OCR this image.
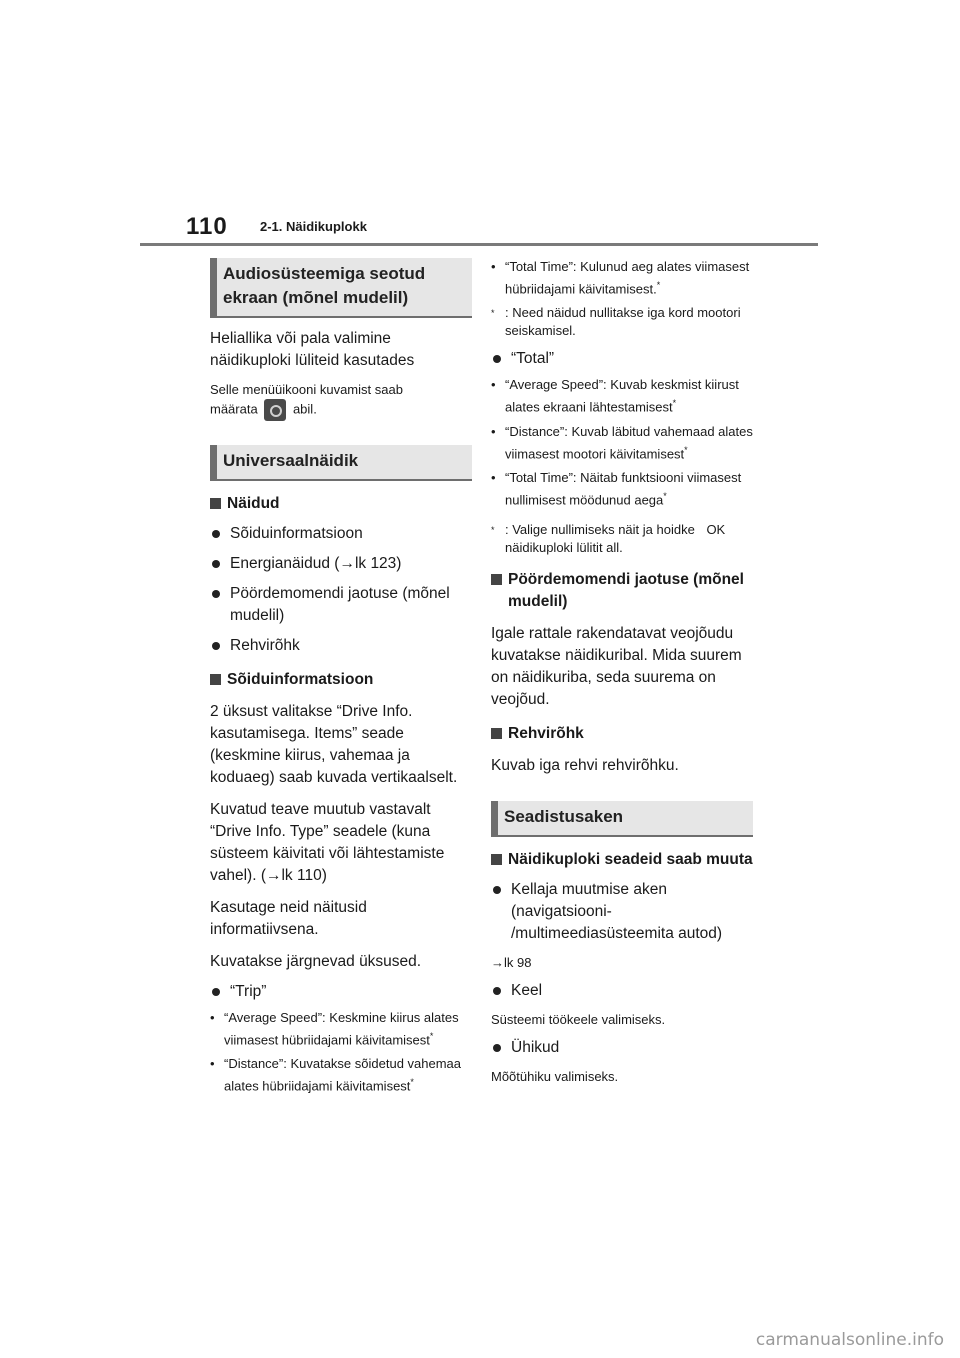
110 2-1. Näidikuplokk
Audiosüsteemiga seotud ekraan (mõnel mudelil)

Heliallika või pala valimine näidikuploki lüliteid kasutades

Selle menüüikooni kuvamist saab
määrata	abil.

Universaalnäidik
Näidud
Sõiduinformatsioon
Energianäidud (→lk 123)
Pöördemomendi jaotuse (mõnel mudelil)
Rehvirõhk
Sõiduinformatsioon

2 üksust valitakse “Drive Info. kasutamisega. Items” seade (keskmine kiirus, vahemaa ja koduaeg) saab kuvada vertikaalselt.

Kuvatud teave muutub vastavalt “Drive Info. Type” seadele (kuna süsteem käivitati või lähtestamiste vahel). (→lk 110)

Kasutage neid näitusid informatiivsena.

Kuvatakse järgnevad üksused.

“Trip”
• “Average Speed”: Keskmine kiirus alates viimasest hübriidajami käivitamisest*
• “Distance”: Kuvatakse sõidetud vahemaa alates hübriidajami käivitamisest*
• “Total Time”: Kulunud aeg alates viimasest hübriidajami käivitamisest.*
* : Need näidud nullitakse iga kord mootori seiskamisel.
“Total”
• “Average Speed”: Kuvab keskmist kiirust alates ekraani lähtestamisest*
• “Distance”: Kuvab läbitud vahemaad alates viimasest mootori käivitamisest*
• “Total Time”: Näitab funktsiooni viimasest nullimisest möödunud aega*
* : Valige nullimiseks näit ja hoidke OK
näidikuploki lülitit all.
Pöördemomendi jaotuse (mõnel mudelil)

Igale rattale rakendatavat veojõudu kuvatakse näidikuribal. Mida suurem on näidikuriba, seda suurema on veojõud.

Rehvirõhk

Kuvab iga rehvi rehvirõhku.

Seadistusaken
Näidikuploki seadeid saab muuta
Kellaja muutmise aken (navigatsiooni- /multimeediasüsteemita autod)

→lk 98

Keel

Süsteemi töökeele valimiseks.

Ühikud

Mõõtühiku valimiseks.

carmanualsonline.info
